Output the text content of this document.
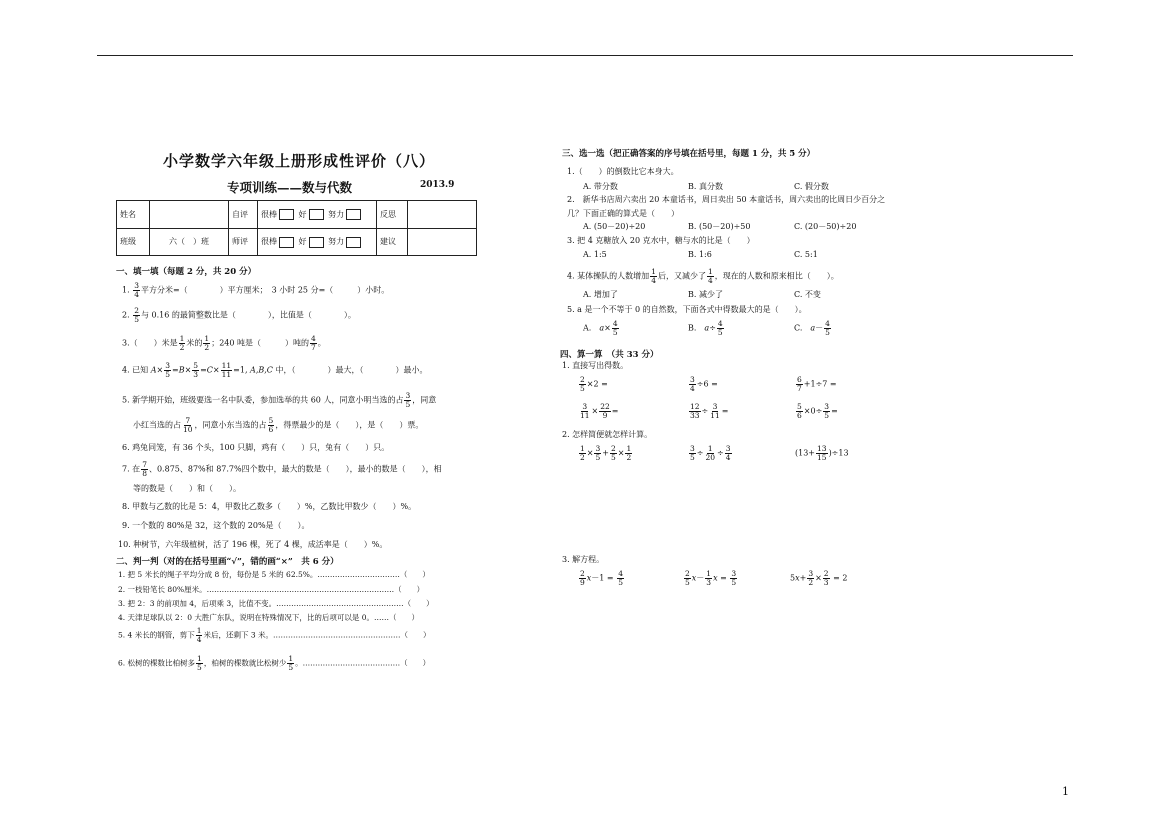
小学数学六年级上册形成性评价（八）
专项训练——数与代数	2013.9
姓名		自评	很棒 好 努力	反思	
班级	六（　）班	师评	很棒 好 努力	建议	
一、填一填（每题 2 分，共 20 分）
1. $\frac{3}{4}$ 平方分米=（　　　　）平方厘米；　3 小时 25 分=（　　　）小时。
2. $\frac{2}{5}$ 与 0.16 的最简整数比是（　　　　），比值是（　　　　）。
3.（　　）米是 $\frac{1}{2}$ 米的 $\frac{1}{2}$ ；240 吨是（　　　）吨的 $\frac{4}{7}$ 。
4. 已知 $A\times \frac{3}{5} =B\times \frac{5}{3} =C\times \frac{11}{11} =1$, A,B,C 中，（　　　　）最大，（　　　　）最小。
5. 新学期开始，班级要选一名中队委，参加选举的共 60 人，同意小明当选的占 $\frac{3}{5}$ ，同意
小红当选的占 $\frac{7}{10}$ ，同意小东当选的占 $\frac{5}{6}$ ，得票最少的是（　　），是（　　）票。
6. 鸡兔同笼，有 36 个头，100 只脚，鸡有（　　）只，兔有（　　）只。
7. 在 $\frac{7}{8}$ 、0.875、87%和 87.7%四个数中，最大的数是（　　），最小的数是（　　），相
等的数是（　　）和（　　）。
8. 甲数与乙数的比是 5：4，甲数比乙数多（　　）%，乙数比甲数少（　　）%。
9. 一个数的 80%是 32，这个数的 20%是（　　）。
10. 种树节，六年级植树，活了 196 棵，死了 4 棵，成活率是（　　）%。
二、判一判（对的在括号里画“√”，错的画“×”　共 6 分）
1. 把 5 米长的绳子平均分成 8 份，每份是 5 米的 62.5%。……………………………（　　）
2. 一枝铅笔长 80%厘米。…………………………………………………………………（　　）
3. 把 2：3 的前项加 4，后项乘 3，比值不变。……………………………………………（　　）
4. 天津足球队以 2：0 大胜广东队，说明在特殊情况下，比的后项可以是 0。……（　　）
5. 4 米长的钢管，剪下 $\frac{1}{4}$ 米后，还剩下 3 米。……………………………………………（　　）
6. 松树的棵数比柏树多 $\frac{1}{5}$ ，柏树的棵数就比松树少 $\frac{1}{5}$ 。…………………………………（　　）
三、选一选（把正确答案的序号填在括号里，每题 1 分，共 5 分）
1.（　　）的倒数比它本身大。
A. 带分数	B. 真分数	C. 假分数
2.　新华书店周六卖出 20 本童话书，周日卖出 50 本童话书，周六卖出的比周日少百分之
几？下面正确的算式是（　　）
A. (50－20)÷20	B. (50－20)÷50	C. (20－50)÷20
3. 把 4 克糖放入 20 克水中，糖与水的比是（　　）
A. 1:5	B. 1:6	C. 5:1
4. 某体操队的人数增加 $\frac{1}{4}$ 后，又减少了 $\frac{1}{4}$ ，现在的人数和原来相比（　　）。
A. 增加了	B. 减少了	C. 不变
5. a 是一个不等于 0 的自然数，下面各式中得数最大的是（　　）。
A.　 $a\times \frac{4}{5}$	B.　 $a\div \frac{4}{5}$	C.　 $a- \frac{4}{5}$
四、算一算　（共 33 分）
1. 直接写出得数。
$\frac{2}{5} \times 2$ =	$\frac{3}{4} \div 6$ =	$\frac{6}{7} +1\div 7$ =
$\frac{3}{11} \times \frac{22}{9}$ =	$\frac{12}{33} \div \frac{3}{11}$ =	$\frac{5}{6} \times 0\div \frac{3}{5}$ =
2. 怎样简便就怎样计算。
$\frac{1}{2} \times \frac{3}{5} + \frac{2}{5} \times \frac{1}{2}$	$\frac{3}{5} \div \frac{1}{20} \div \frac{3}{4}$	$(13+ \frac{13}{15} )\div 13$
3. 解方程。
$\frac{2}{9} x-1 = \frac{4}{5}$	$\frac{2}{5} x- \frac{1}{3}$ $x = \frac{3}{5}$	$5x+ \frac{3}{2} \times \frac{2}{3} = 2$
1
